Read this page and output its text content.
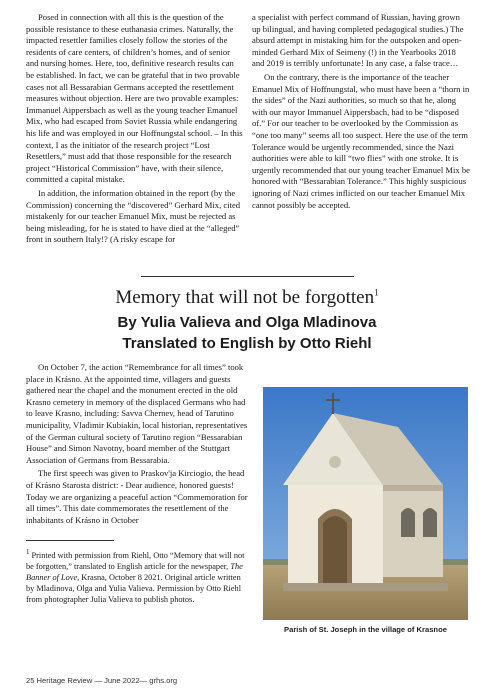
Posed in connection with all this is the question of the possible resistance to these euthanasia crimes. Naturally, the impacted resettler families closely follow the stories of the residents of care centers, of children’s homes, and of senior and nursing homes. Here, too, definitive research results can be established. In fact, we can be grateful that in two provable cases not all Bessarabian Germans accepted the resettlement measures without objection. Here are two provable examples: Immanuel Aippersbach as well as the young teacher Emanuel Mix, who had escaped from Soviet Russia while endangering his life and was employed in our Hoffnungstal school. – In this context, I as the initiator of the research project “Lost Resettlers,” must add that those responsible for the research project “Historical Commission” have, with their silence, committed a capital mistake.

In addition, the information obtained in the report (by the Commission) concerning the “discovered” Gerhard Mix, cited mistakenly for our teacher Emanuel Mix, must be rejected as being misleading, for he is stated to have died at the “alleged” front in southern Italy!? (A risky escape for

a specialist with perfect command of Russian, having grown up bilingual, and having completed pedagogical studies.) The absurd attempt in mistaking him for the outspoken and open-minded Gerhard Mix of Seimeny (!) in the Yearbooks 2018 and 2019 is terribly unfortunate! In any case, a false trace…

On the contrary, there is the importance of the teacher Emanuel Mix of Hoffnungstal, who must have been a “thorn in the sides” of the Nazi authorities, so much so that he, along with our mayor Immanuel Aippersbach, had to be “disposed of.” For our teacher to be overlooked by the Commission as “one too many” seems all too suspect. Here the use of the term Tolerance would be urgently recommended, since the Nazi authorities were able to kill “two flies” with one stroke. It is urgently recommended that our young teacher Emanuel Mix be honored with “Bessarabian Tolerance.” This highly suspicious ignoring of Nazi crimes inflicted on our teacher Emanuel Mix cannot possibly be accepted.

Memory that will not be forgotten$^1$
By Yulia Valieva and Olga Mladinova
Translated to English by Otto Riehl

On October 7, the action “Remembrance for all times” took place in Krásno. At the appointed time, villagers and guests gathered near the chapel and the monument erected in the old Krasno cemetery in memory of the displaced Germans who had to leave Krasno, including: Savva Chernev, head of Tarutino municipality, Vladimir Kubiakin, local historian, representatives of the German cultural society of Tarutino region “Bessarabian House” and Simon Navotny, board member of the Stuttgart Association of Germans from Bessarabia.

The first speech was given to Praskov'ja Kirciogio, the head of Krásno Starosta district: - Dear audience, honored guests! Today we are organizing a peaceful action “Commemoration for all times”. This date commemorates the resettlement of the inhabitants of Krásno in October

$^1$ Printed with permission from Riehl, Otto “Memory that will not be forgotten,” translated to English article for the newspaper, The Banner of Love, Krasna, October 8 2021. Original article written by Mladinova, Olga and Yulia Valieva. Permission by Otto Riehl from photographer Julia Valieva to publish photos.
Parish of St. Joseph in the village of Krasnoe
25 Heritage Review — June 2022— grhs.org
